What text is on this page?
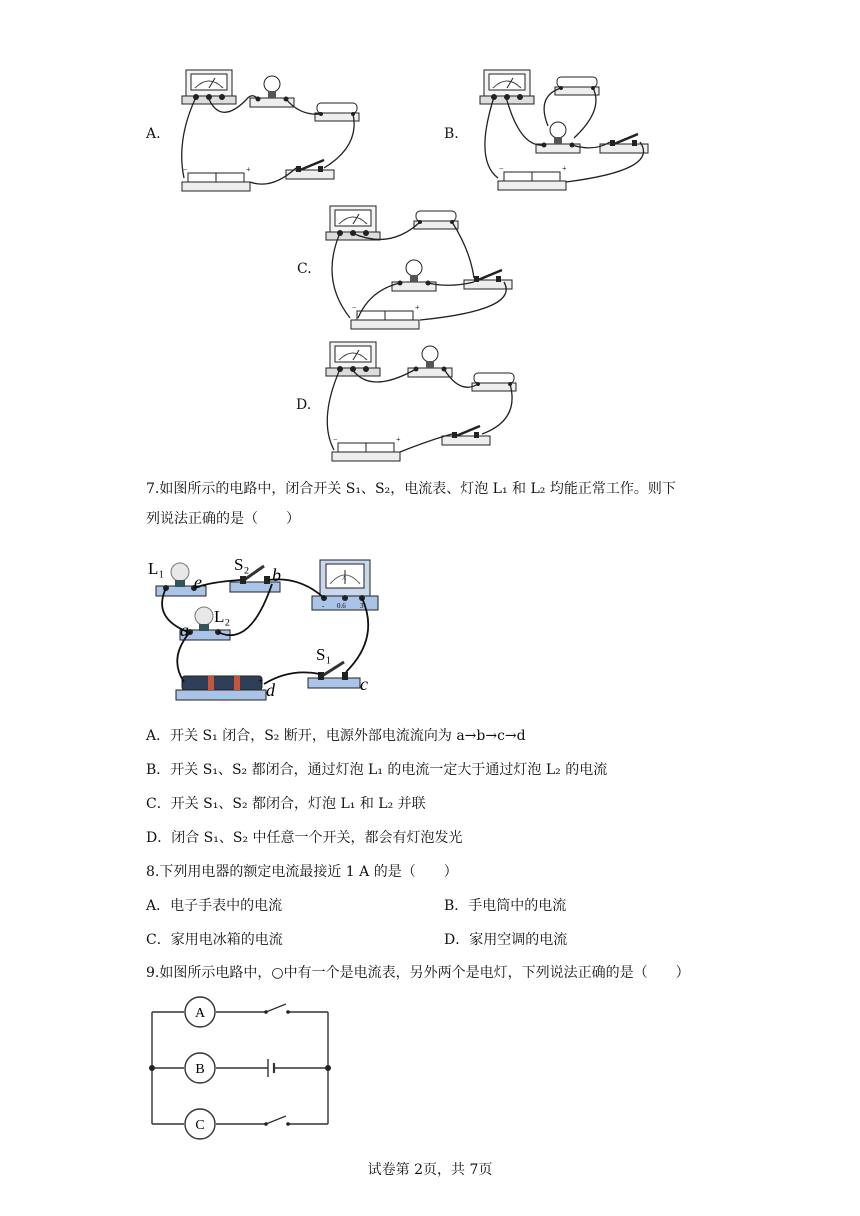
A.	B.
C.
D.
7.如图所示的电路中，闭合开关 S₁、S₂，电流表、灯泡 L₁ 和 L₂ 均能正常工作。则下
列说法正确的是（　　）
A
- 0.6 3
+
L₁
e
S₂
b
L₂
a
S₁
c
d
A．开关 S₁ 闭合，S₂ 断开，电源外部电流流向为 a→b→c→d
B．开关 S₁、S₂ 都闭合，通过灯泡 L₁ 的电流一定大于通过灯泡 L₂ 的电流
C．开关 S₁、S₂ 都闭合，灯泡 L₁ 和 L₂ 并联
D．闭合 S₁、S₂ 中任意一个开关，都会有灯泡发光
8.下列用电器的额定电流最接近 1 A 的是（　　）
A．电子手表中的电流	B．手电筒中的电流
C．家用电冰箱的电流	D．家用空调的电流
9.如图所示电路中，○中有一个是电流表，另外两个是电灯，下列说法正确的是（　　）
A
B
C
试卷第 2页，共 7页
